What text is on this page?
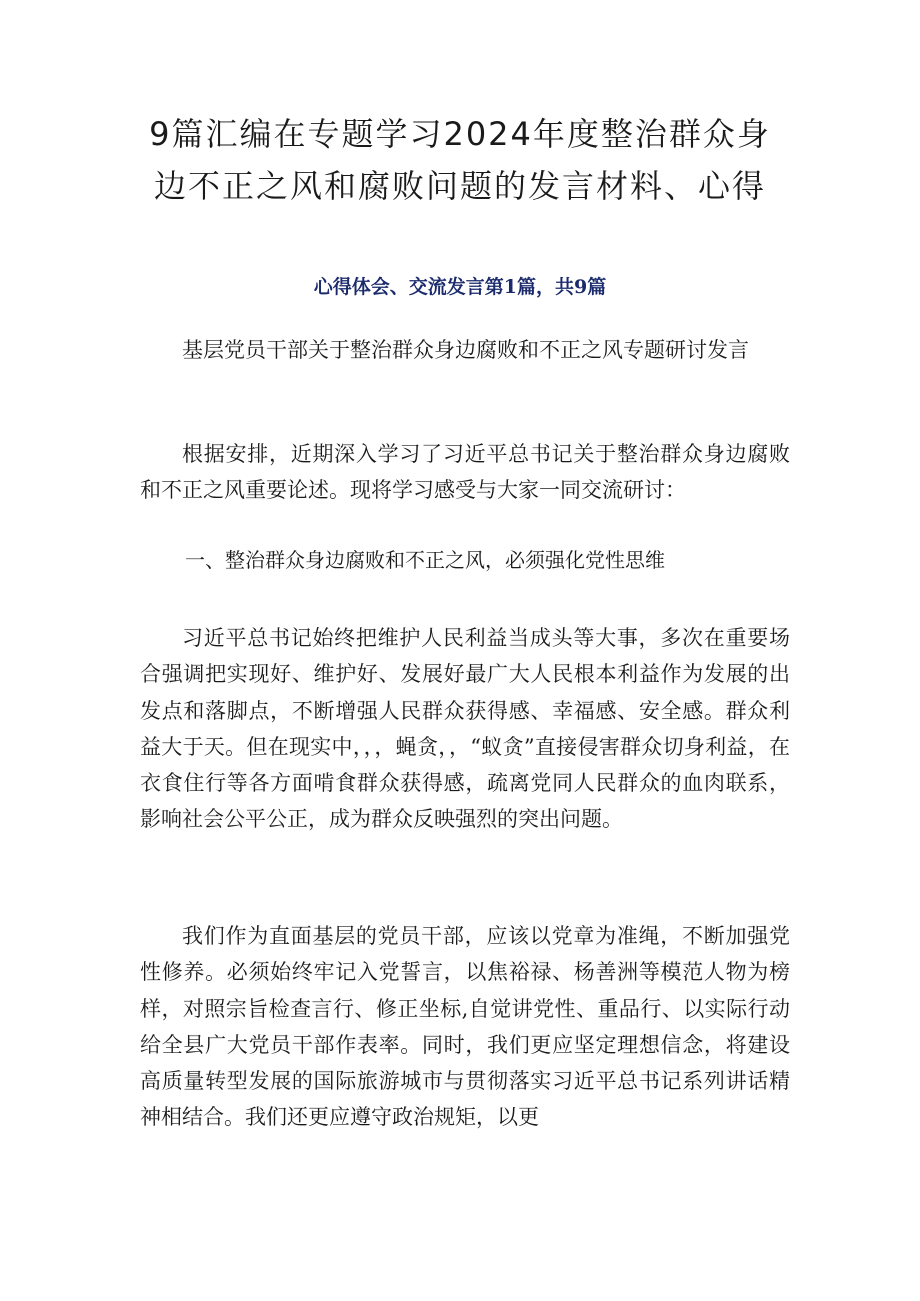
9篇汇编在专题学习2024年度整治群众身
边不正之风和腐败问题的发言材料、心得
心得体会、交流发言第1篇，共9篇

基层党员干部关于整治群众身边腐败和不正之风专题研讨发言

根据安排，近期深入学习了习近平总书记关于整治群众身边腐败和不正之风重要论述。现将学习感受与大家一同交流研讨：

一、整治群众身边腐败和不正之风，必须强化党性思维

习近平总书记始终把维护人民利益当成头等大事，多次在重要场合强调把实现好、维护好、发展好最广大人民根本利益作为发展的出发点和落脚点，不断增强人民群众获得感、幸福感、安全感。群众利益大于天。但在现实中，，，蝇贪，，“蚁贪”直接侵害群众切身利益，在衣食住行等各方面啃食群众获得感，疏离党同人民群众的血肉联系，影响社会公平公正，成为群众反映强烈的突出问题。

我们作为直面基层的党员干部，应该以党章为准绳，不断加强党性修养。必须始终牢记入党誓言，以焦裕禄、杨善洲等模范人物为榜样，对照宗旨检查言行、修正坐标,自觉讲党性、重品行、以实际行动给全县广大党员干部作表率。同时，我们更应坚定理想信念，将建设高质量转型发展的国际旅游城市与贯彻落实习近平总书记系列讲话精神相结合。我们还更应遵守政治规矩，以更
